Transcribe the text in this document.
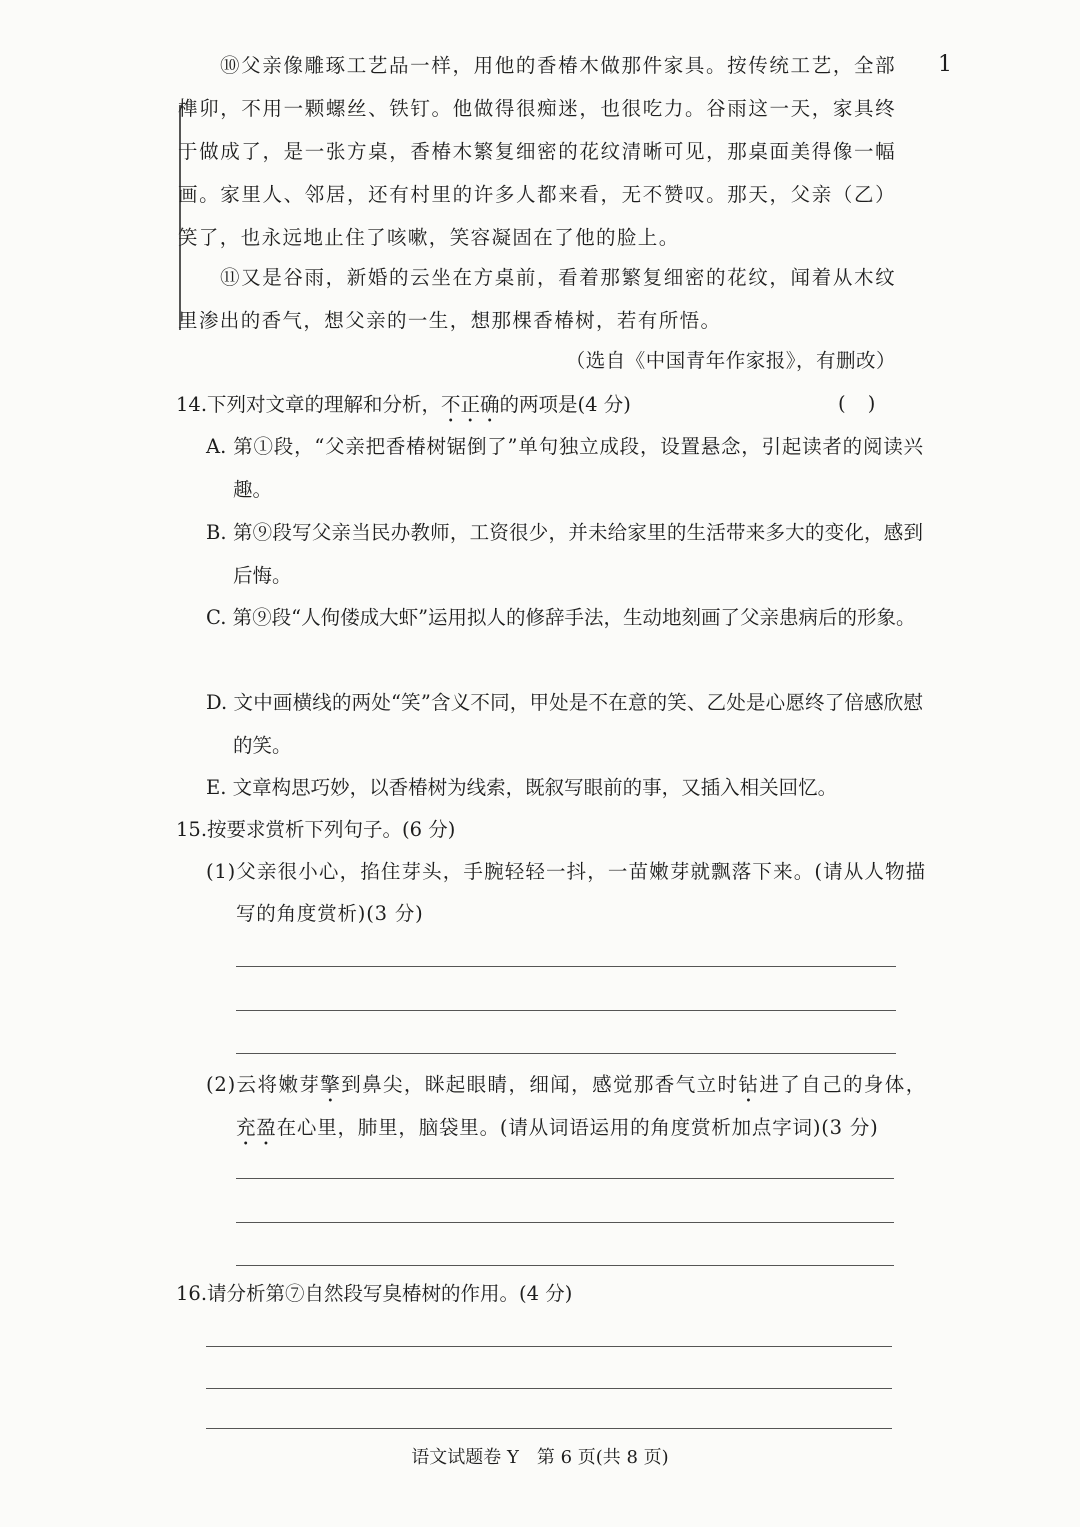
1
⑩父亲像雕琢工艺品一样，用他的香椿木做那件家具。按传统工艺，全部榫卯，不用一颗螺丝、铁钉。他做得很痴迷，也很吃力。谷雨这一天，家具终于做成了，是一张方桌，香椿木繁复细密的花纹清晰可见，那桌面美得像一幅画。家里人、邻居，还有村里的许多人都来看，无不赞叹。那天，父亲（乙）笑了，也永远地止住了咳嗽，笑容凝固在了他的脸上。
⑪又是谷雨，新婚的云坐在方桌前，看着那繁复细密的花纹，闻着从木纹里渗出的香气，想父亲的一生，想那棵香椿树，若有所悟。
（选自《中国青年作家报》，有删改）
14.下列对文章的理解和分析，不正确的两项是(4 分)	( )
A. 第①段，“父亲把香椿树锯倒了”单句独立成段，设置悬念，引起读者的阅读兴趣。
B. 第⑨段写父亲当民办教师，工资很少，并未给家里的生活带来多大的变化，感到后悔。
C. 第⑨段“人佝偻成大虾”运用拟人的修辞手法，生动地刻画了父亲患病后的形象。
D. 文中画横线的两处“笑”含义不同，甲处是不在意的笑、乙处是心愿终了倍感欣慰的笑。
E. 文章构思巧妙，以香椿树为线索，既叙写眼前的事，又插入相关回忆。
15.按要求赏析下列句子。(6 分)
(1)父亲很小心，掐住芽头，手腕轻轻一抖，一苗嫩芽就飘落下来。(请从人物描写的角度赏析)(3 分)
(2)云将嫩芽擎到鼻尖，眯起眼睛，细闻，感觉那香气立时钻进了自己的身体，充盈在心里，肺里，脑袋里。(请从词语运用的角度赏析加点字词)(3 分)
16.请分析第⑦自然段写臭椿树的作用。(4 分)
语文试题卷 Y　第 6 页(共 8 页)
